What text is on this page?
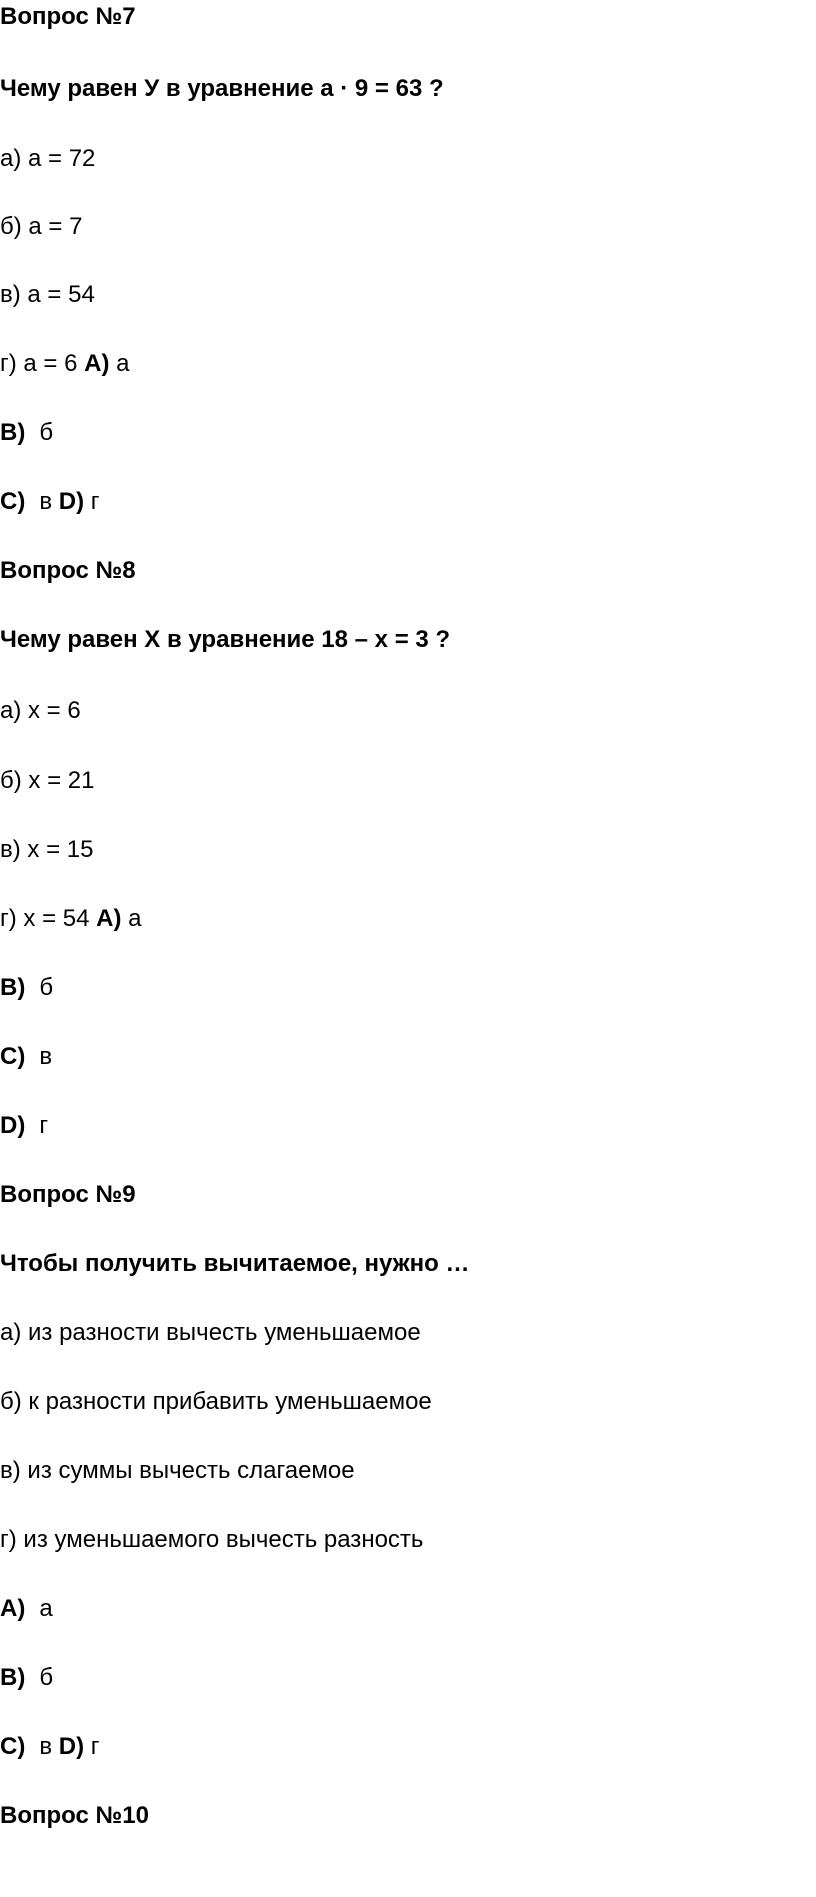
Вопрос №7

Чему равен У в уравнение а · 9 = 63 ?

а) а = 72

б) а = 7

в) а = 54

г) а = 6 A) а

B) б

C) в D) г

Вопрос №8

Чему равен Х в уравнение 18 – х = 3 ?

а) х = 6

б) х = 21

в) х = 15

г) х = 54 A) а

B) б

C) в

D) г

Вопрос №9

Чтобы получить вычитаемое, нужно …

а) из разности вычесть уменьшаемое

б) к разности прибавить уменьшаемое

в) из суммы вычесть слагаемое

г) из уменьшаемого вычесть разность

A) а

B) б

C) в D) г

Вопрос №10
